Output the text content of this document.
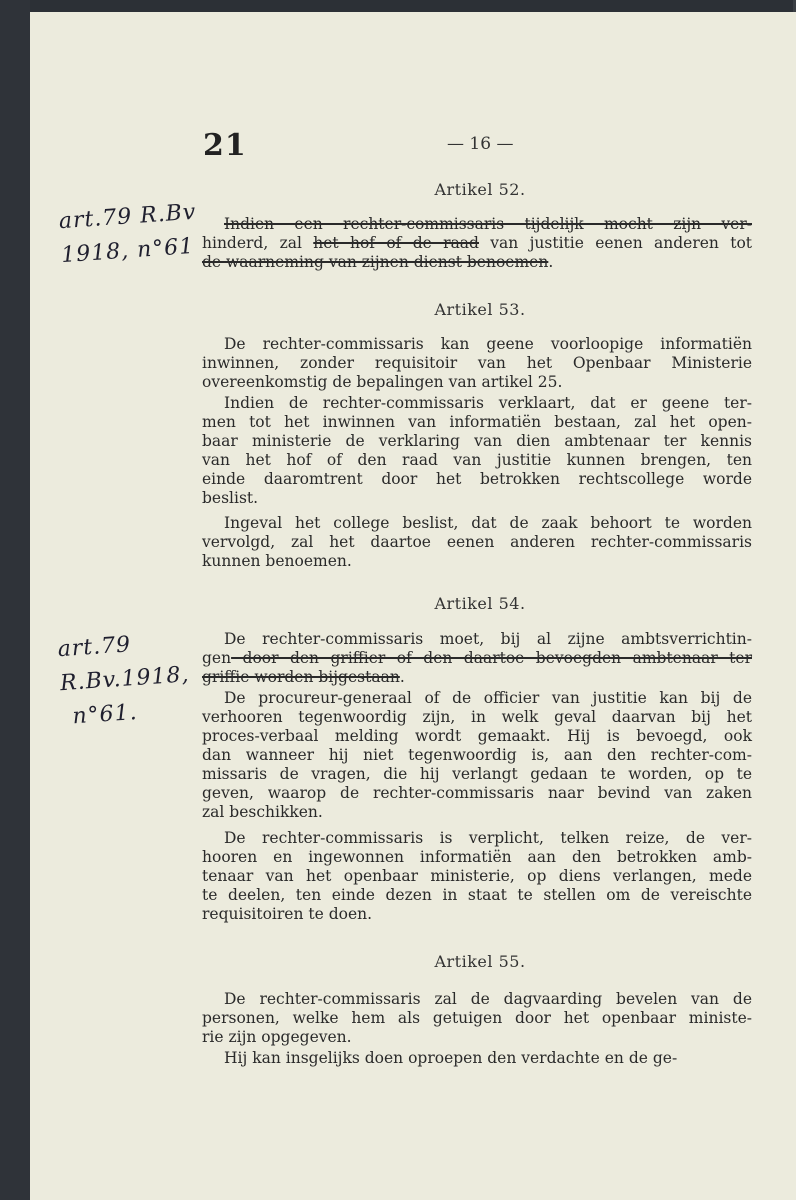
21	— 16 —
art.79 R.Bv
1918, n°61
art.79
R.Bv.1918,
n°61.
Artikel 52.
Indien een rechter-commissaris tijdelijk mocht zijn ver-
hinderd, zal het hof of de raad van justitie eenen anderen tot
de waarneming van zijnen dienst benoemen.
Artikel 53.
De rechter-commissaris kan geene voorloopige informatiën
inwinnen, zonder requisitoir van het Openbaar Ministerie
overeenkomstig de bepalingen van artikel 25.
Indien de rechter-commissaris verklaart, dat er geene ter-
men tot het inwinnen van informatiën bestaan, zal het open-
baar ministerie de verklaring van dien ambtenaar ter kennis
van het hof of den raad van justitie kunnen brengen, ten
einde daaromtrent door het betrokken rechtscollege worde
beslist.
Ingeval het college beslist, dat de zaak behoort te worden
vervolgd, zal het daartoe eenen anderen rechter-commissaris
kunnen benoemen.
Artikel 54.
De rechter-commissaris moet, bij al zijne ambtsverrichtin-
gen door den griffier of den daartoe bevoegden ambtenaar ter
griffie worden bijgestaan.
De procureur-generaal of de officier van justitie kan bij de
verhooren tegenwoordig zijn, in welk geval daarvan bij het
proces-verbaal melding wordt gemaakt. Hij is bevoegd, ook
dan wanneer hij niet tegenwoordig is, aan den rechter-com-
missaris de vragen, die hij verlangt gedaan te worden, op te
geven, waarop de rechter-commissaris naar bevind van zaken
zal beschikken.
De rechter-commissaris is verplicht, telken reize, de ver-
hooren en ingewonnen informatiën aan den betrokken amb-
tenaar van het openbaar ministerie, op diens verlangen, mede
te deelen, ten einde dezen in staat te stellen om de vereischte
requisitoiren te doen.
Artikel 55.
De rechter-commissaris zal de dagvaarding bevelen van de
personen, welke hem als getuigen door het openbaar ministe-
rie zijn opgegeven.
Hij kan insgelijks doen oproepen den verdachte en de ge-
